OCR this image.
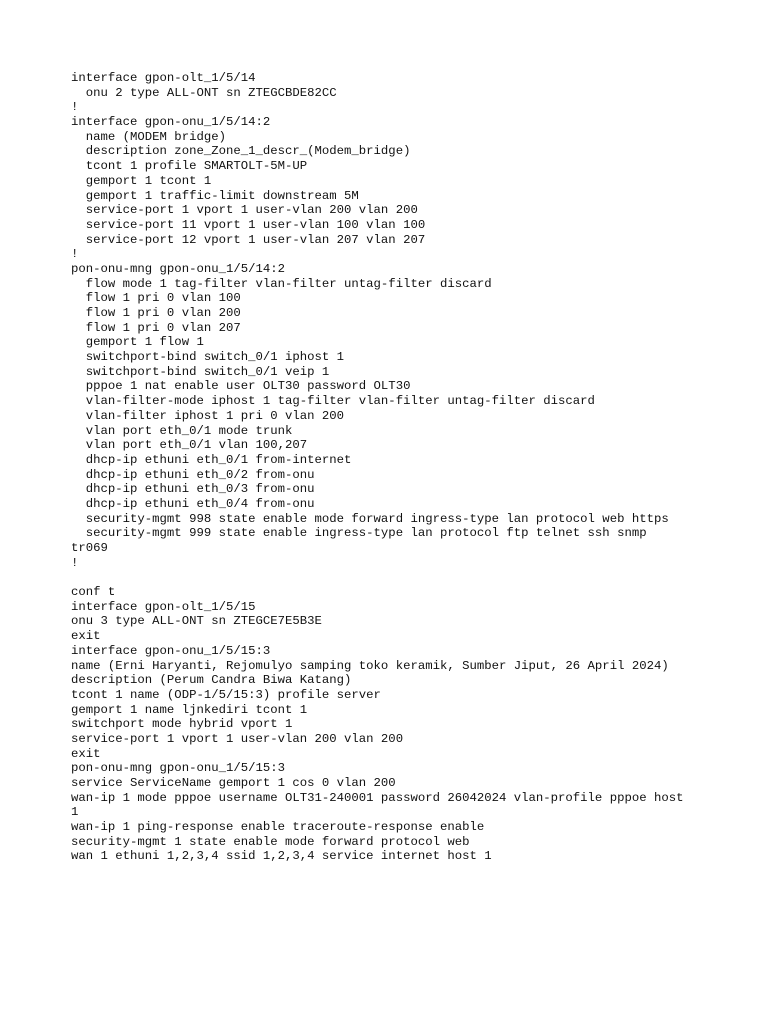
interface gpon-olt_1/5/14
onu 2 type ALL-ONT sn ZTEGCBDE82CC
!
interface gpon-onu_1/5/14:2
name (MODEM bridge)
description zone_Zone_1_descr_(Modem_bridge)
tcont 1 profile SMARTOLT-5M-UP
gemport 1 tcont 1
gemport 1 traffic-limit downstream 5M
service-port 1 vport 1 user-vlan 200 vlan 200
service-port 11 vport 1 user-vlan 100 vlan 100
service-port 12 vport 1 user-vlan 207 vlan 207
!
pon-onu-mng gpon-onu_1/5/14:2
flow mode 1 tag-filter vlan-filter untag-filter discard
flow 1 pri 0 vlan 100
flow 1 pri 0 vlan 200
flow 1 pri 0 vlan 207
gemport 1 flow 1
switchport-bind switch_0/1 iphost 1
switchport-bind switch_0/1 veip 1
pppoe 1 nat enable user OLT30 password OLT30
vlan-filter-mode iphost 1 tag-filter vlan-filter untag-filter discard
vlan-filter iphost 1 pri 0 vlan 200
vlan port eth_0/1 mode trunk
vlan port eth_0/1 vlan 100,207
dhcp-ip ethuni eth_0/1 from-internet
dhcp-ip ethuni eth_0/2 from-onu
dhcp-ip ethuni eth_0/3 from-onu
dhcp-ip ethuni eth_0/4 from-onu
security-mgmt 998 state enable mode forward ingress-type lan protocol web https
security-mgmt 999 state enable ingress-type lan protocol ftp telnet ssh snmp
tr069
!
conf t
interface gpon-olt_1/5/15
onu 3 type ALL-ONT sn ZTEGCE7E5B3E
exit
interface gpon-onu_1/5/15:3
name (Erni Haryanti, Rejomulyo samping toko keramik, Sumber Jiput, 26 April 2024)
description (Perum Candra Biwa Katang)
tcont 1 name (ODP-1/5/15:3) profile server
gemport 1 name ljnkediri tcont 1
switchport mode hybrid vport 1
service-port 1 vport 1 user-vlan 200 vlan 200
exit
pon-onu-mng gpon-onu_1/5/15:3
service ServiceName gemport 1 cos 0 vlan 200
wan-ip 1 mode pppoe username OLT31-240001 password 26042024 vlan-profile pppoe host
1
wan-ip 1 ping-response enable traceroute-response enable
security-mgmt 1 state enable mode forward protocol web
wan 1 ethuni 1,2,3,4 ssid 1,2,3,4 service internet host 1
